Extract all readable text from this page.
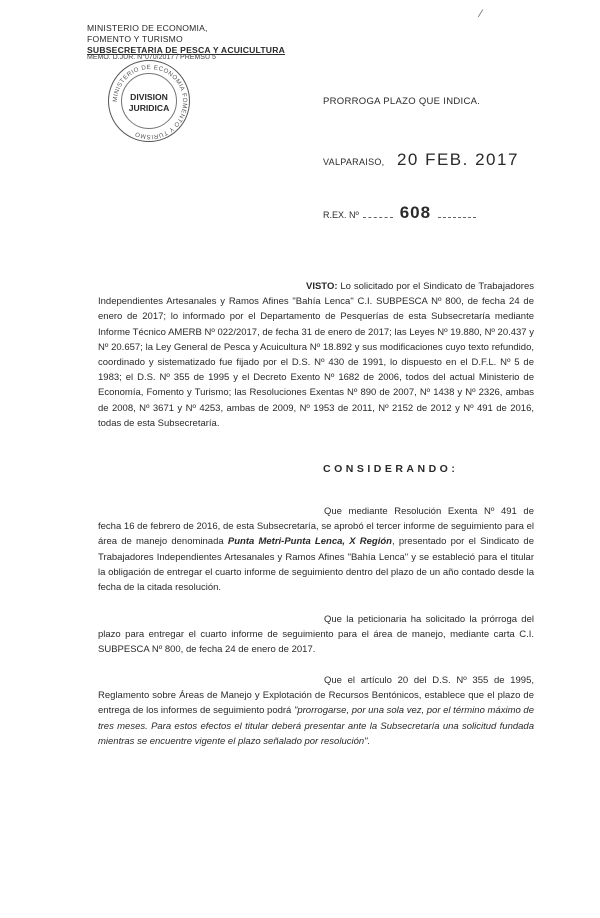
⁄
MINISTERIO DE ECONOMIA,
FOMENTO Y TURISMO
SUBSECRETARIA DE PESCA Y ACUICULTURA
MEMO. D.JUR. N°070/2017 / PREMSU 5
MINISTERIO DE ECONOMIA FOMENTO Y TURISMO
DIVISION
JURIDICA
PRORROGA PLAZO QUE INDICA.
VALPARAISO, 20 FEB. 2017
R.EX. Nº 608

VISTO: Lo solicitado por el Sindicato de Trabajadores Independientes Artesanales y Ramos Afines "Bahía Lenca" C.I. SUBPESCA Nº 800, de fecha 24 de enero de 2017; lo informado por el Departamento de Pesquerías de esta Subsecretaría mediante Informe Técnico AMERB Nº 022/2017, de fecha 31 de enero de 2017; las Leyes Nº 19.880, Nº 20.437 y Nº 20.657; la Ley General de Pesca y Acuicultura Nº 18.892 y sus modificaciones cuyo texto refundido, coordinado y sistematizado fue fijado por el D.S. Nº 430 de 1991, lo dispuesto en el D.F.L. Nº 5 de 1983; el D.S. Nº 355 de 1995 y el Decreto Exento Nº 1682 de 2006, todos del actual Ministerio de Economía, Fomento y Turismo; las Resoluciones Exentas Nº 890 de 2007, Nº 1438 y Nº 2326, ambas de 2008, Nº 3671 y Nº 4253, ambas de 2009, Nº 1953 de 2011, Nº 2152 de 2012 y Nº 491 de 2016, todas de esta Subsecretaría.

CONSIDERANDO:

Que mediante Resolución Exenta Nº 491 de fecha 16 de febrero de 2016, de esta Subsecretaría, se aprobó el tercer informe de seguimiento para el área de manejo denominada Punta Metri-Punta Lenca, X Región, presentado por el Sindicato de Trabajadores Independientes Artesanales y Ramos Afines "Bahía Lenca" y se estableció para el titular la obligación de entregar el cuarto informe de seguimiento dentro del plazo de un año contado desde la fecha de la citada resolución.

Que la peticionaria ha solicitado la prórroga del plazo para entregar el cuarto informe de seguimiento para el área de manejo, mediante carta C.I. SUBPESCA Nº 800, de fecha 24 de enero de 2017.

Que el artículo 20 del D.S. Nº 355 de 1995, Reglamento sobre Áreas de Manejo y Explotación de Recursos Bentónicos, establece que el plazo de entrega de los informes de seguimiento podrá "prorrogarse, por una sola vez, por el término máximo de tres meses. Para estos efectos el titular deberá presentar ante la Subsecretaría una solicitud fundada mientras se encuentre vigente el plazo señalado por resolución".
